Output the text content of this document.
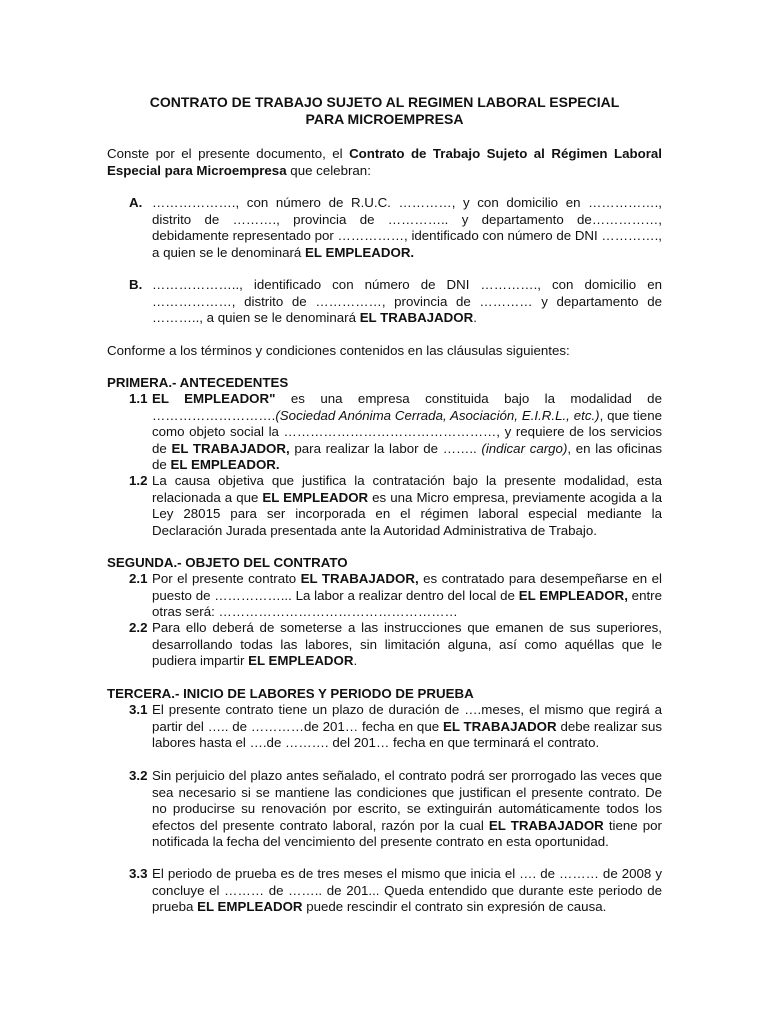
CONTRATO DE TRABAJO SUJETO AL REGIMEN LABORAL ESPECIAL
PARA MICROEMPRESA
Conste por el presente documento, el Contrato de Trabajo Sujeto al Régimen Laboral Especial para Microempresa que celebran:
A. ………………., con número de R.U.C. …………, y con domicilio en ……………., distrito de ………., provincia de ………….. y departamento de……………, debidamente representado por ……………, identificado con número de DNI …………., a quien se le denominará EL EMPLEADOR.
B. ……………….., identificado con número de DNI …………., con domicilio en ………………, distrito de ……………, provincia de ………… y departamento de ……….., a quien se le denominará EL TRABAJADOR.
Conforme a los términos y condiciones contenidos en las cláusulas siguientes:
PRIMERA.- ANTECEDENTES
1.1 EL EMPLEADOR" es una empresa constituida bajo la modalidad de ……………………….(Sociedad Anónima Cerrada, Asociación, E.I.R.L., etc.), que tiene como objeto social la …………………………………………, y requiere de los servicios de EL TRABAJADOR, para realizar la labor de …….. (indicar cargo), en las oficinas de EL EMPLEADOR.
1.2 La causa objetiva que justifica la contratación bajo la presente modalidad, esta relacionada a que EL EMPLEADOR es una Micro empresa, previamente acogida a la Ley 28015 para ser incorporada en el régimen laboral especial mediante la Declaración Jurada presentada ante la Autoridad Administrativa de Trabajo.
SEGUNDA.- OBJETO DEL CONTRATO
2.1 Por el presente contrato EL TRABAJADOR, es contratado para desempeñarse en el puesto de ……………... La labor a realizar dentro del local de EL EMPLEADOR, entre otras será: ………………………………………………
2.2 Para ello deberá de someterse a las instrucciones que emanen de sus superiores, desarrollando todas las labores, sin limitación alguna, así como aquéllas que le pudiera impartir EL EMPLEADOR.
TERCERA.- INICIO DE LABORES Y PERIODO DE PRUEBA
3.1 El presente contrato tiene un plazo de duración de ….meses, el mismo que regirá a partir del ….. de …………de 201… fecha en que EL TRABAJADOR debe realizar sus labores hasta el ….de ………. del 201… fecha en que terminará el contrato.
3.2 Sin perjuicio del plazo antes señalado, el contrato podrá ser prorrogado las veces que sea necesario si se mantiene las condiciones que justifican el presente contrato. De no producirse su renovación por escrito, se extinguirán automáticamente todos los efectos del presente contrato laboral, razón por la cual EL TRABAJADOR tiene por notificada la fecha del vencimiento del presente contrato en esta oportunidad.
3.3 El periodo de prueba es de tres meses el mismo que inicia el …. de ……… de 2008 y concluye el ……… de …….. de 201... Queda entendido que durante este periodo de prueba EL EMPLEADOR puede rescindir el contrato sin expresión de causa.
